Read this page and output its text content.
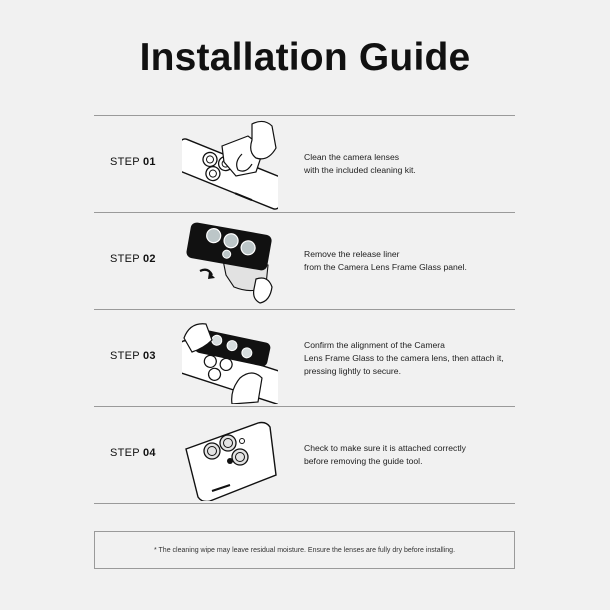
Installation Guide
STEP 01	Clean the camera lenses
with the included cleaning kit.
STEP 02	Remove the release liner
from the Camera Lens Frame Glass panel.
STEP 03
Confirm the alignment of the Camera
Lens Frame Glass to the camera lens, then attach it,
pressing lightly to secure.
STEP 04	Check to make sure it is attached correctly
before removing the guide tool.
* The cleaning wipe may leave residual moisture. Ensure the lenses are fully dry before installing.
